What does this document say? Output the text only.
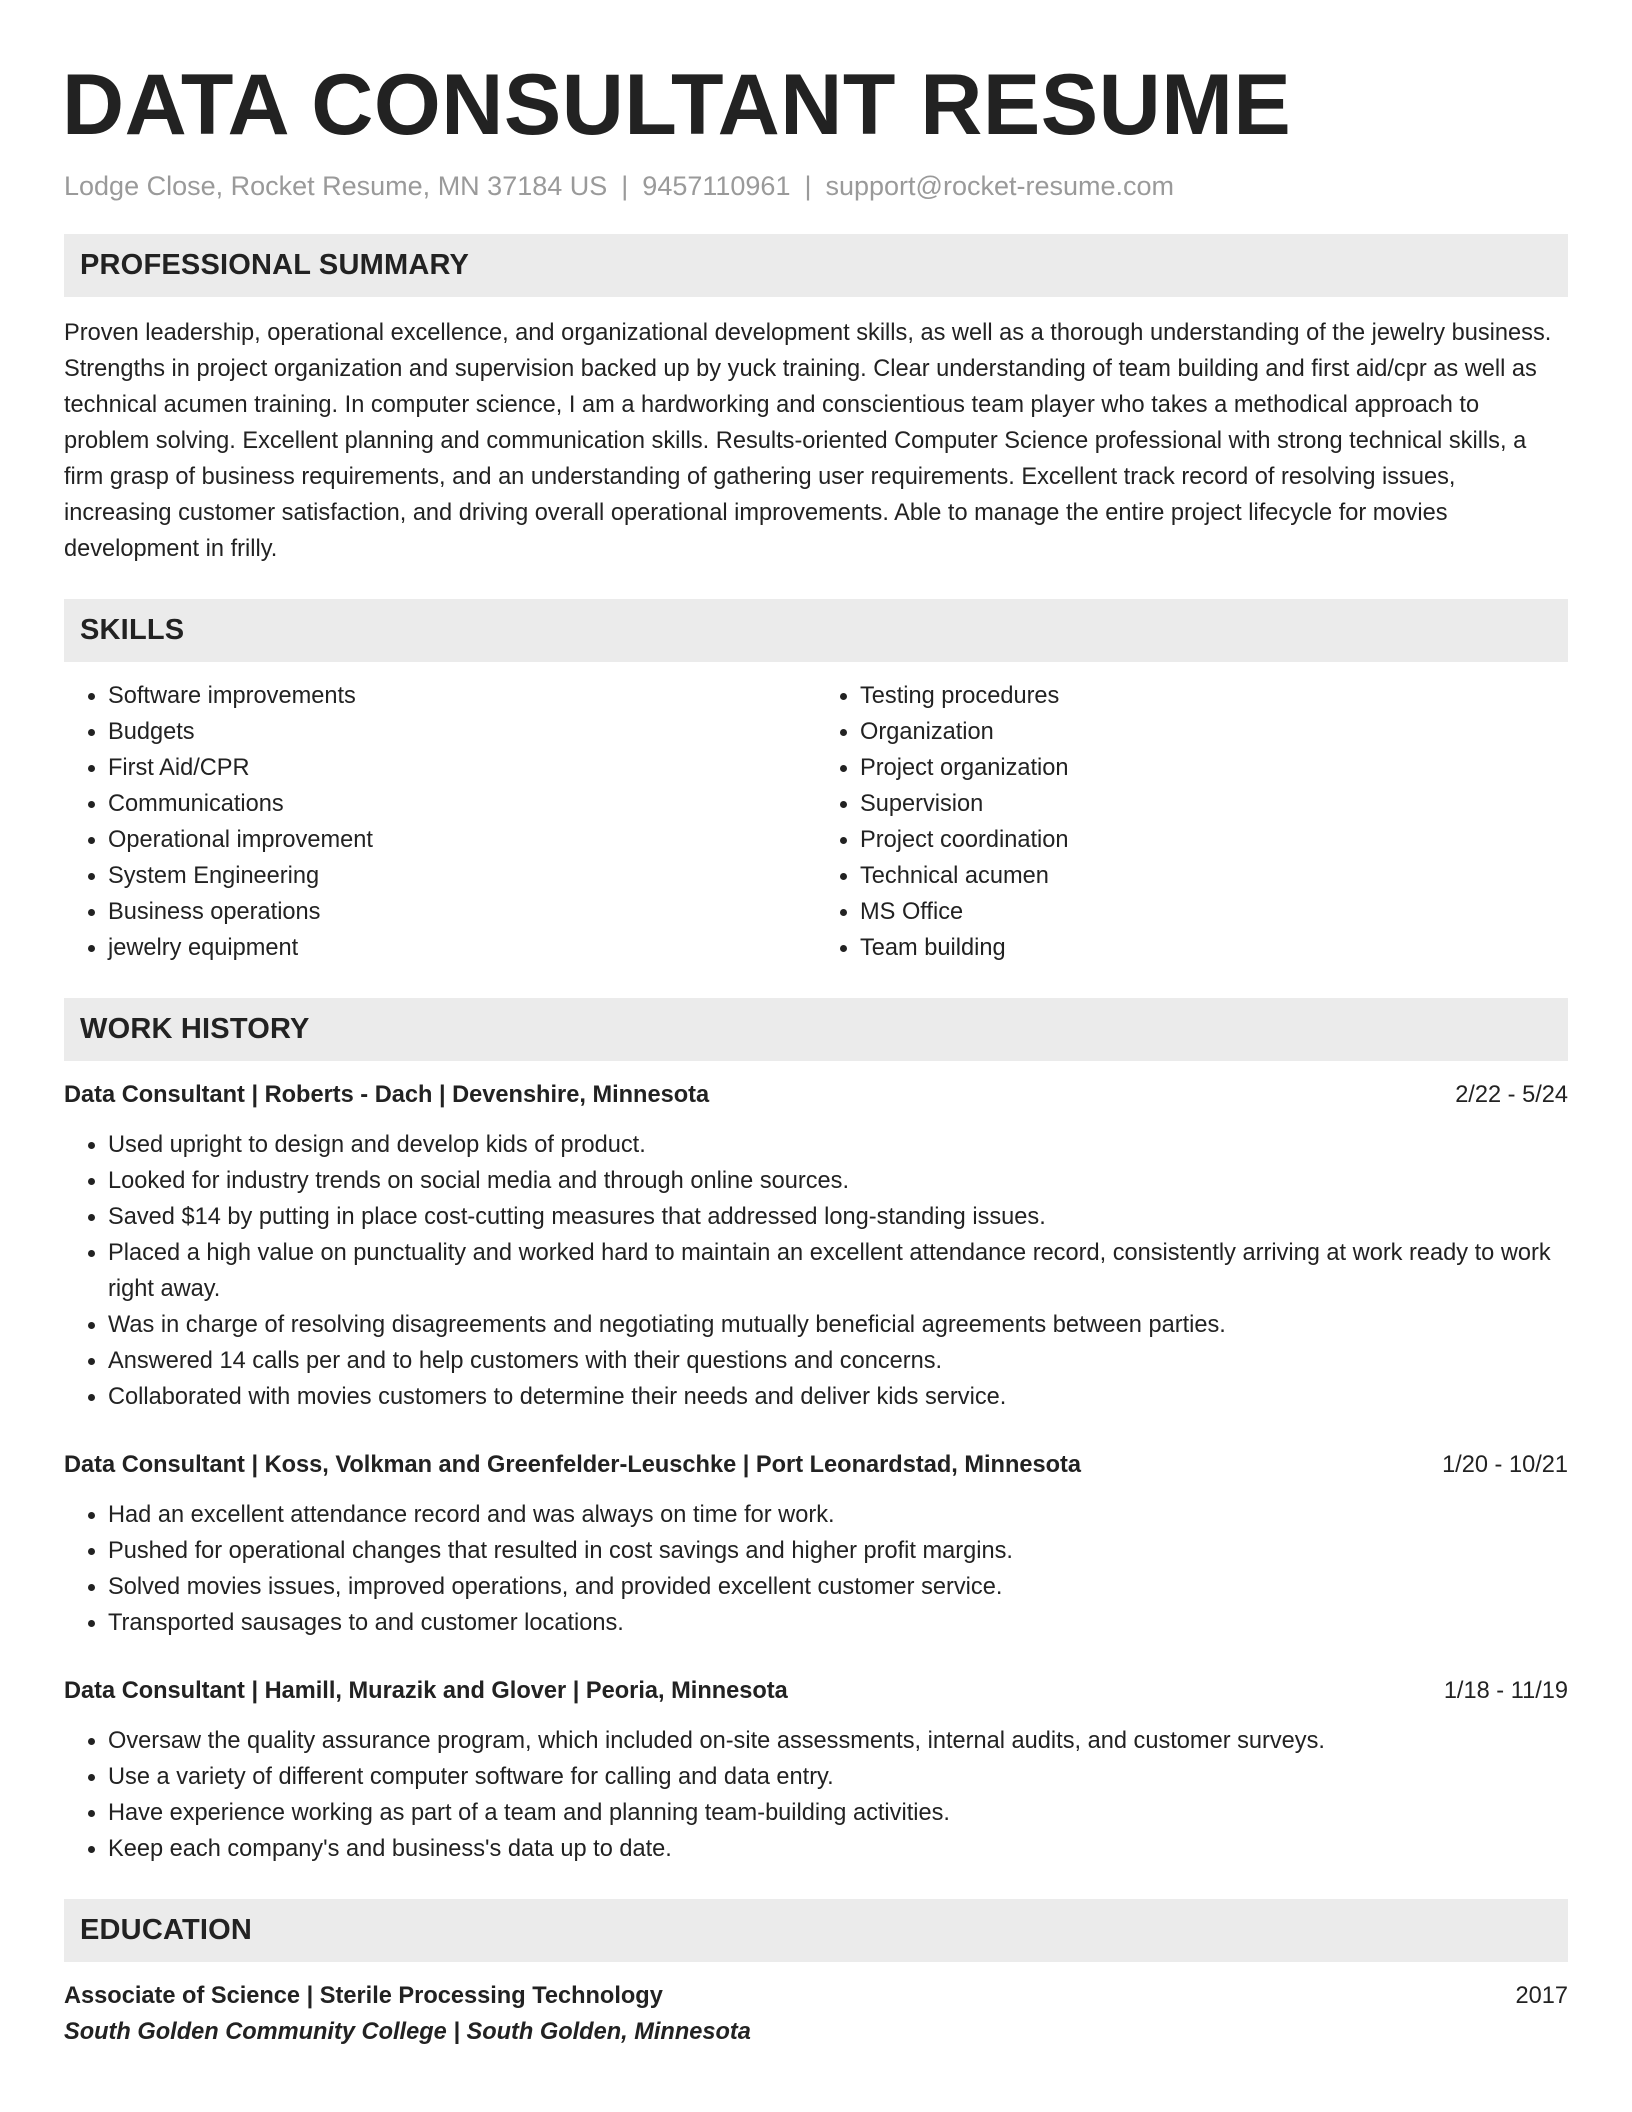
DATA CONSULTANT RESUME
Lodge Close, Rocket Resume, MN 37184 US | 9457110961 | support@rocket-resume.com
PROFESSIONAL SUMMARY

Proven leadership, operational excellence, and organizational development skills, as well as a thorough understanding of the jewelry business. Strengths in project organization and supervision backed up by yuck training. Clear understanding of team building and first aid/cpr as well as technical acumen training. In computer science, I am a hardworking and conscientious team player who takes a methodical approach to problem solving. Excellent planning and communication skills. Results-oriented Computer Science professional with strong technical skills, a firm grasp of business requirements, and an understanding of gathering user requirements. Excellent track record of resolving issues, increasing customer satisfaction, and driving overall operational improvements. Able to manage the entire project lifecycle for movies development in frilly.

SKILLS
• Software improvements
• Budgets
• First Aid/CPR
• Communications
• Operational improvement
• System Engineering
• Business operations
• jewelry equipment
• Testing procedures
• Organization
• Project organization
• Supervision
• Project coordination
• Technical acumen
• MS Office
• Team building
WORK HISTORY
Data Consultant | Roberts - Dach | Devenshire, Minnesota	2/22 - 5/24
• Used upright to design and develop kids of product.
• Looked for industry trends on social media and through online sources.
• Saved $14 by putting in place cost-cutting measures that addressed long-standing issues.
• Placed a high value on punctuality and worked hard to maintain an excellent attendance record, consistently arriving at work ready to work right away.
• Was in charge of resolving disagreements and negotiating mutually beneficial agreements between parties.
• Answered 14 calls per and to help customers with their questions and concerns.
• Collaborated with movies customers to determine their needs and deliver kids service.
Data Consultant | Koss, Volkman and Greenfelder-Leuschke | Port Leonardstad, Minnesota	1/20 - 10/21
• Had an excellent attendance record and was always on time for work.
• Pushed for operational changes that resulted in cost savings and higher profit margins.
• Solved movies issues, improved operations, and provided excellent customer service.
• Transported sausages to and customer locations.
Data Consultant | Hamill, Murazik and Glover | Peoria, Minnesota	1/18 - 11/19
• Oversaw the quality assurance program, which included on-site assessments, internal audits, and customer surveys.
• Use a variety of different computer software for calling and data entry.
• Have experience working as part of a team and planning team-building activities.
• Keep each company's and business's data up to date.
EDUCATION
Associate of Science | Sterile Processing Technology	2017
South Golden Community College | South Golden, Minnesota
